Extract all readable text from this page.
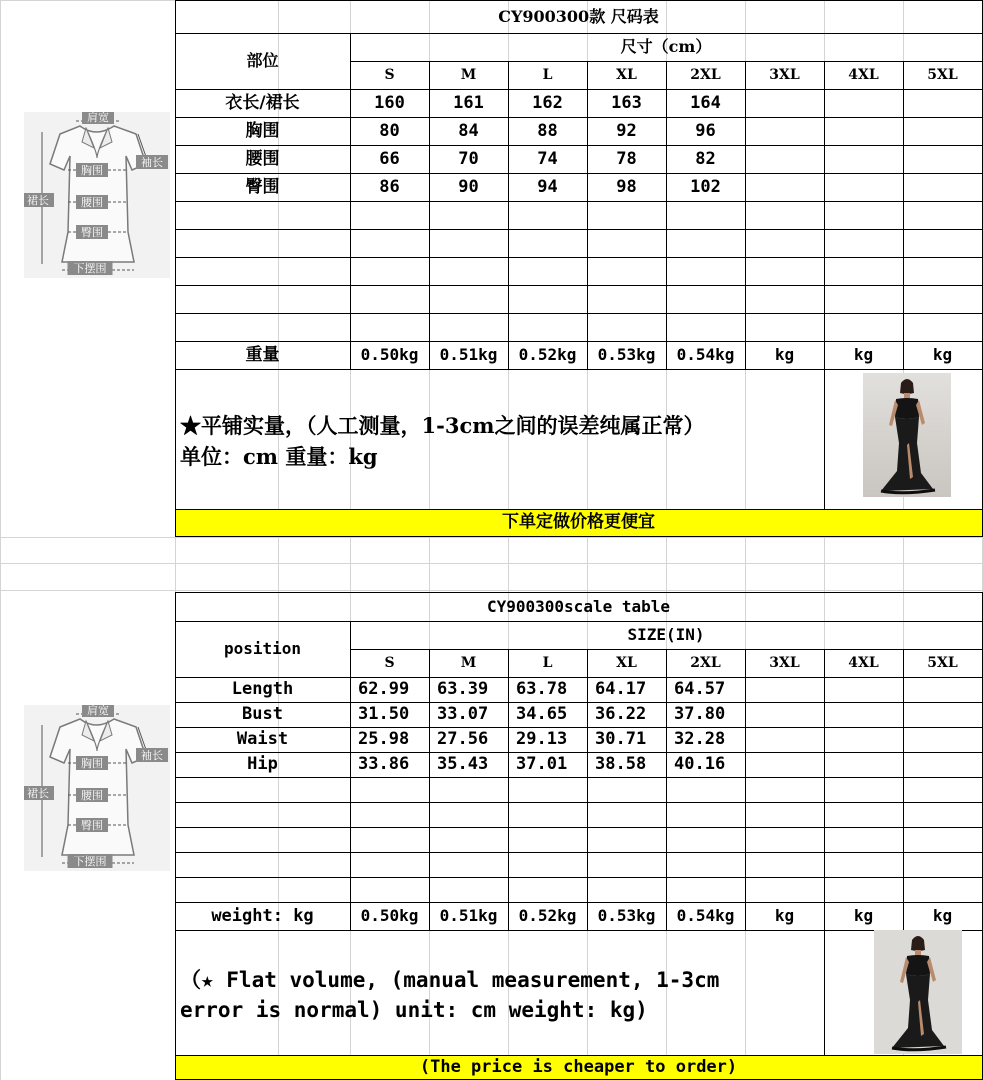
CY900300款 尺码表
尺寸（cm）
部位
S	M	L	XL	2XL	3XL	4XL	5XL
衣长/裙长	160	161	162	163	164
胸围	80	84	88	92	96
腰围	66	70	74	78	82
臀围	86	90	94	98	102
重量	0.50kg	0.51kg	0.52kg	0.53kg	0.54kg	kg	kg	kg
★平铺实量，（人工测量，1-3cm之间的误差纯属正常）
单位：cm 重量：kg
下单定做价格更便宜
CY900300scale table
SIZE(IN)
position
S	M	L	XL	2XL	3XL	4XL	5XL
Length	62.99	63.39	63.78	64.17	64.57
Bust	31.50	33.07	34.65	36.22	37.80
Waist	25.98	27.56	29.13	30.71	32.28
Hip	33.86	35.43	37.01	38.58	40.16
weight: kg	0.50kg	0.51kg	0.52kg	0.53kg	0.54kg	kg	kg	kg
（★ Flat volume, (manual measurement, 1-3cm
error is normal) unit: cm weight: kg)
(The price is cheaper to order)
肩宽
袖长
胸围
腰围
臀围
裙长
下摆围
肩宽
袖长
胸围
腰围
臀围
裙长
下摆围
